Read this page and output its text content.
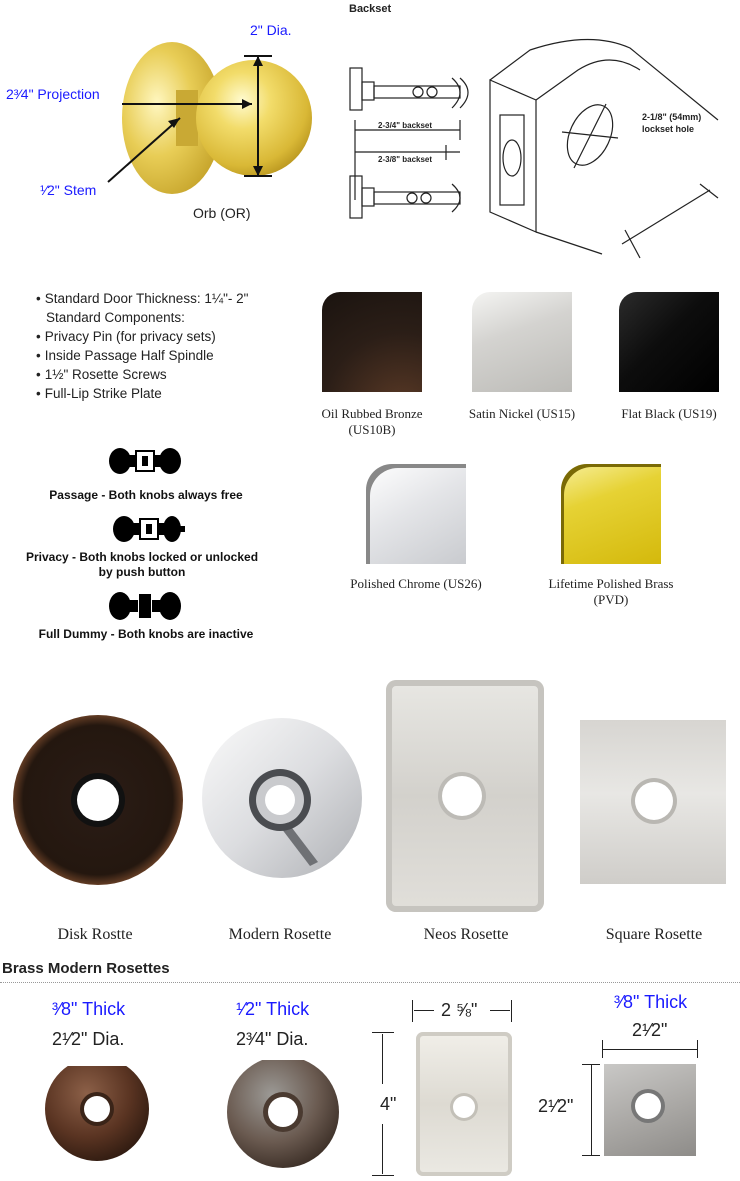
2³⁄4" Projection
2" Dia.
¹⁄2" Stem
Orb (OR)
Backset
2-3/4" backset
2-3/8" backset
2-1/8" (54mm)
lockset hole
• Standard Door Thickness: 1¼"- 2"
Standard Components:
• Privacy Pin (for privacy sets)
• Inside Passage Half Spindle
• 1½" Rosette Screws
• Full-Lip Strike Plate
Oil Rubbed Bronze (US10B)
Satin Nickel (US15)	Flat Black (US19)
Polished Chrome (US26)	Lifetime Polished Brass (PVD)
Passage - Both knobs always free
Privacy - Both knobs locked or unlocked by push button
Full Dummy - Both knobs are inactive
Disk Rostte	Modern Rosette	Neos Rosette	Square Rosette
Brass Modern Rosettes
³⁄8" Thick
2¹⁄2" Dia.
¹⁄2" Thick
2³⁄4" Dia.
2 ⅝"
4"
³⁄8" Thick
2¹⁄2"
2¹⁄2"
